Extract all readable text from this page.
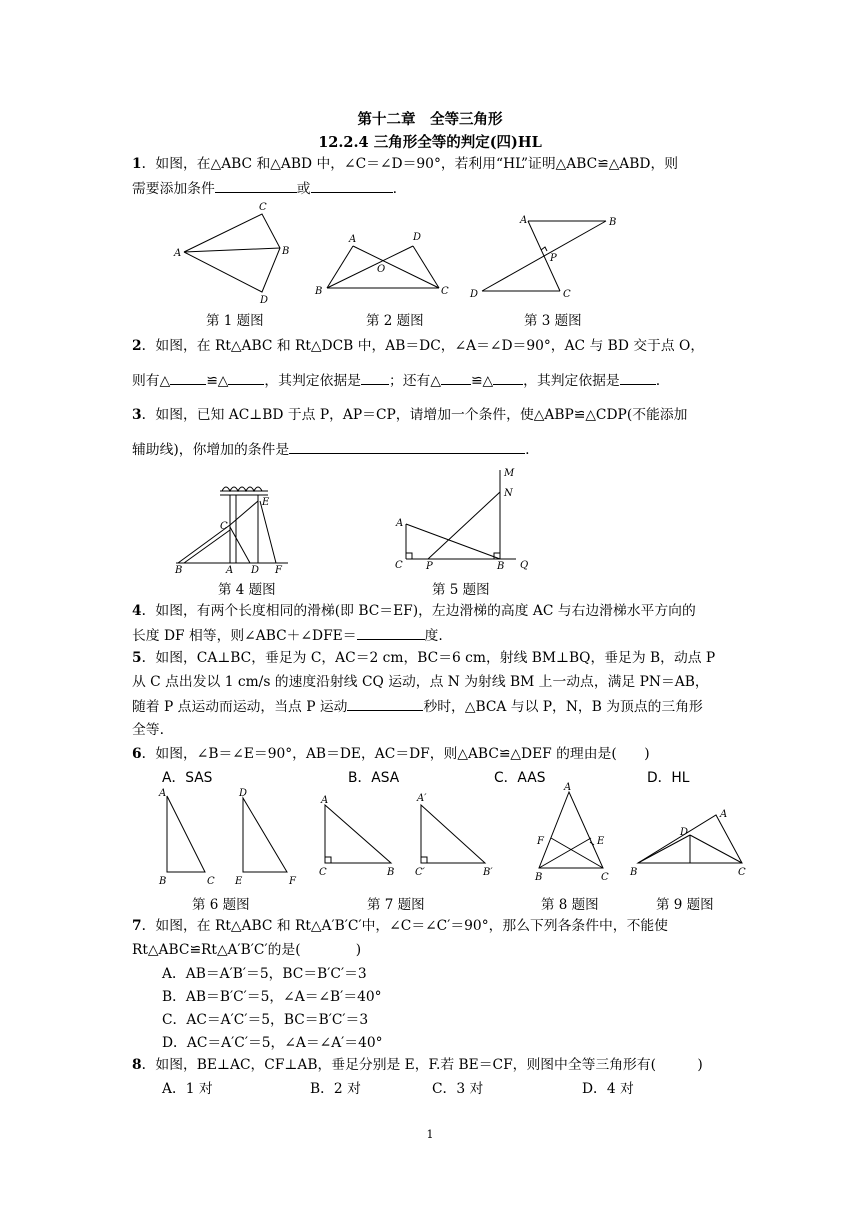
第十二章　全等三角形
12.2.4 三角形全等的判定(四)HL
1．如图，在△ABC 和△ABD 中，∠C＝∠D＝90°，若利用“HL”证明△ABC≌△ABD，则
需要添加条件	或	.
C
A	B
D
A	D
O
B	C
A	B
P
D	C
第 1 题图	第 2 题图	第 3 题图
2．如图，在 Rt△ABC 和 Rt△DCB 中，AB＝DC，∠A＝∠D＝90°，AC 与 BD 交于点 O，
则有△	≌△	，其判定依据是 ；还有△ ≌△ ，其判定依据是	.
3．如图，已知 AC⊥BD 于点 P，AP＝CP，请增加一个条件，使△ABP≌△CDP(不能添加
辅助线)，你增加的条件是	.
E
C
B	A D F
M
N
A
C P	B Q
第 4 题图	第 5 题图
4．如图，有两个长度相同的滑梯(即 BC＝EF)，左边滑梯的高度 AC 与右边滑梯水平方向的
长度 DF 相等，则∠ABC＋∠DFE＝	度.
5．如图，CA⊥BC，垂足为 C，AC＝2 cm，BC＝6 cm，射线 BM⊥BQ，垂足为 B，动点 P
从 C 点出发以 1 cm/s 的速度沿射线 CQ 运动，点 N 为射线 BM 上一动点，满足 PN＝AB，
随着 P 点运动而运动，当点 P 运动	秒时，△BCA 与以 P，N，B 为顶点的三角形
全等.
6．如图，∠B＝∠E＝90°，AB＝DE，AC＝DF，则△ABC≌△DEF 的理由是(　　)
A．SAS	B．ASA	C．AAS	D．HL
A
B	C
D
E	F
A
C	B
A′
C′	B′
A
F	E
B	C
A
D
B	C
第 6 题图	第 7 题图	第 8 题图	第 9 题图
7．如图，在 Rt△ABC 和 Rt△A′B′C′中，∠C＝∠C′＝90°，那么下列各条件中，不能使
Rt△ABC≌Rt△A′B′C′的是(　　　　)
A．AB＝A′B′＝5，BC＝B′C′＝3
B．AB＝B′C′＝5，∠A＝∠B′＝40°
C．AC＝A′C′＝5，BC＝B′C′＝3
D．AC＝A′C′＝5，∠A＝∠A′＝40°
8．如图，BE⊥AC，CF⊥AB，垂足分别是 E，F.若 BE＝CF，则图中全等三角形有(　　　)
A．1 对	B．2 对	C．3 对	D．4 对
1
